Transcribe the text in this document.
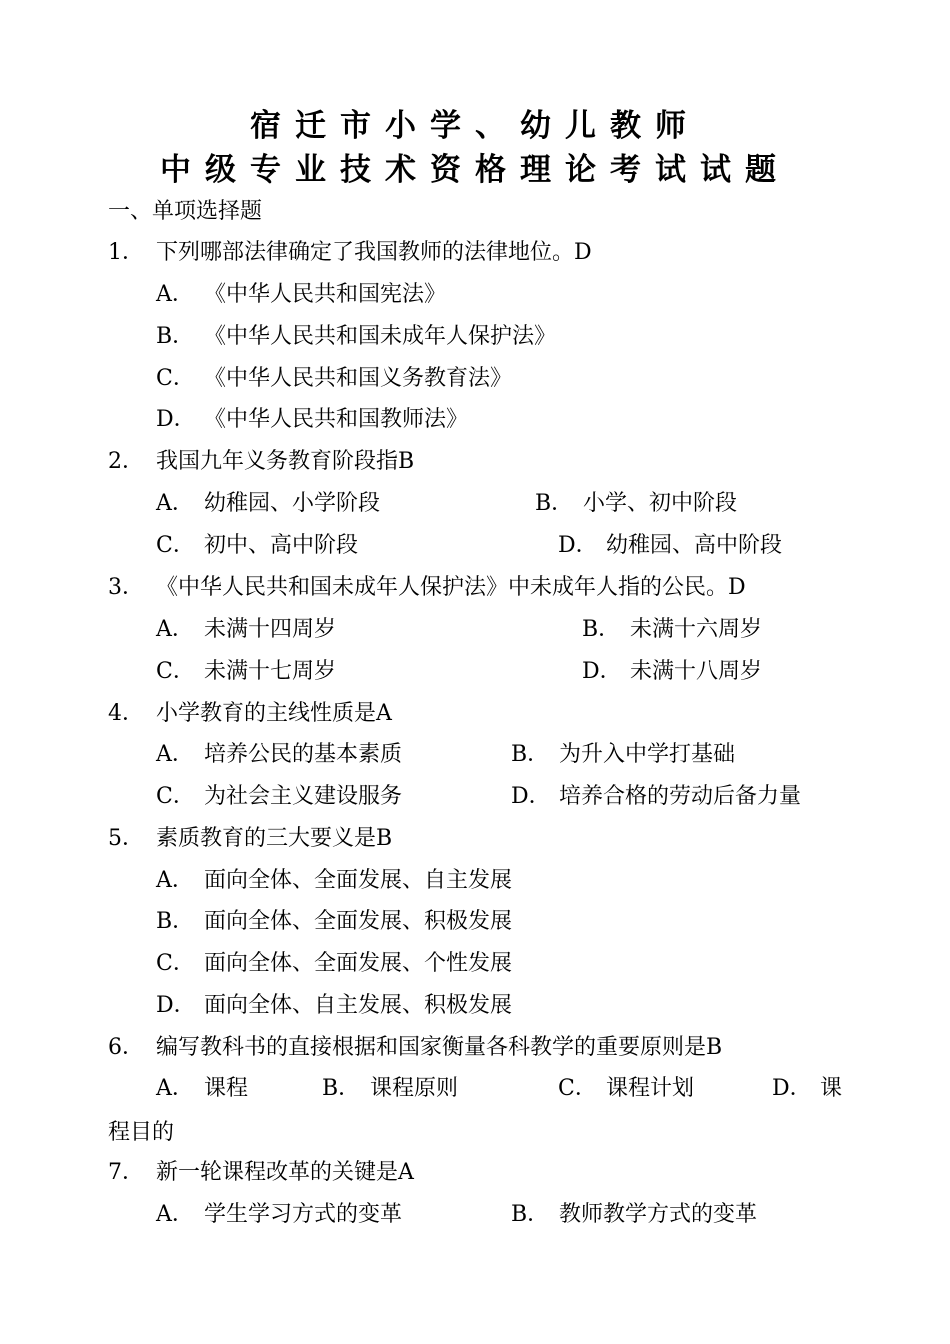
宿迁市小学、幼儿教师
中级专业技术资格理论考试试题
一、单项选择题
1． 下列哪部法律确定了我国教师的法律地位。D
A． 《中华人民共和国宪法》
B． 《中华人民共和国未成年人保护法》
C． 《中华人民共和国义务教育法》
D． 《中华人民共和国教师法》
2． 我国九年义务教育阶段指B
A． 幼稚园、小学阶段	B． 小学、初中阶段
C． 初中、高中阶段	D． 幼稚园、高中阶段
3． 《中华人民共和国未成年人保护法》中未成年人指的公民。D
A． 未满十四周岁	B． 未满十六周岁
C． 未满十七周岁	D． 未满十八周岁
4． 小学教育的主线性质是A
A． 培养公民的基本素质	B． 为升入中学打基础
C． 为社会主义建设服务	D． 培养合格的劳动后备力量
5． 素质教育的三大要义是B
A． 面向全体、全面发展、自主发展
B． 面向全体、全面发展、积极发展
C． 面向全体、全面发展、个性发展
D． 面向全体、自主发展、积极发展
6． 编写教科书的直接根据和国家衡量各科教学的重要原则是B
A． 课程	B． 课程原则	C． 课程计划	D． 课
程目的
7． 新一轮课程改革的关键是A
A． 学生学习方式的变革	B． 教师教学方式的变革
